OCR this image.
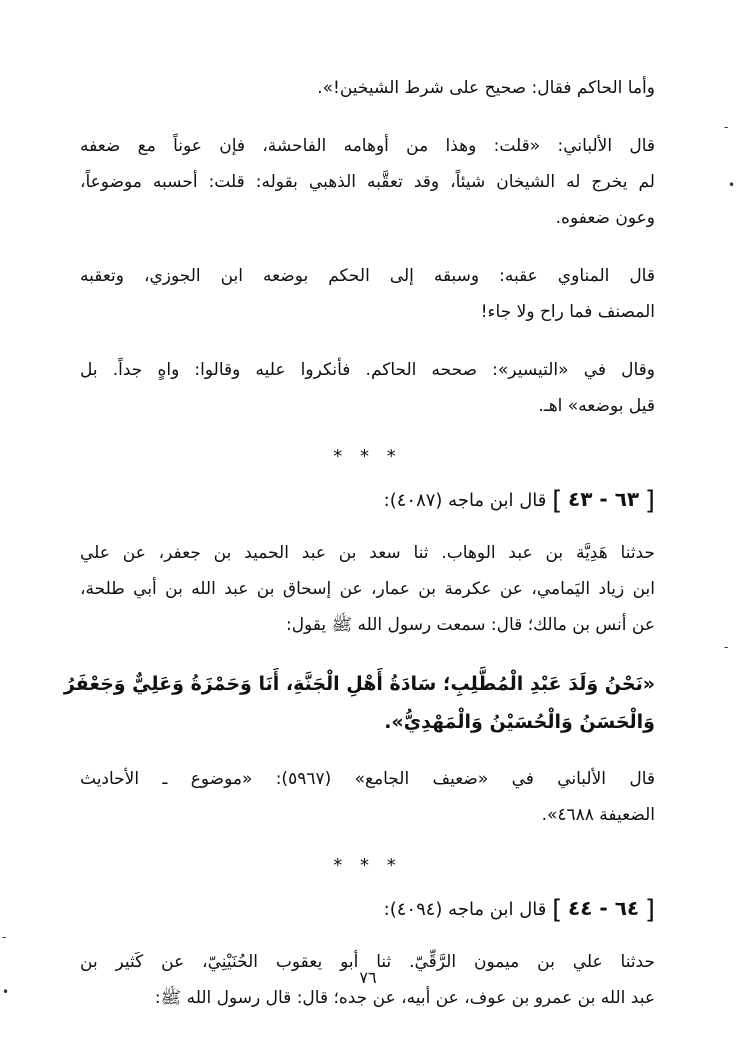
وأما الحاكم فقال: صحيح على شرط الشيخين!».
قال الألباني: «قلت: وهذا من أوهامه الفاحشة، فإن عوناً مع ضعفه
لم يخرج له الشيخان شيئاً، وقد تعقَّبه الذهبي بقوله: قلت: أحسبه موضوعاً،
وعون ضعفوه.
قال المناوي عقبه: وسبقه إلى الحكم بوضعه ابن الجوزي، وتعقبه
المصنف فما راح ولا جاء!
وقال في «التيسير»: صححه الحاكم. فأنكروا عليه وقالوا: واهٍ جداً. بل
قيل بوضعه» اهـ.
* * *
[ ٦٣ - ٤٣ ] قال ابن ماجه (٤٠٨٧):
حدثنا هَدِيَّة بن عبد الوهاب. ثنا سعد بن عبد الحميد بن جعفر، عن علي
ابن زياد اليَمامي، عن عكرمة بن عمار، عن إسحاق بن عبد الله بن أبي طلحة،
عن أنس بن مالك؛ قال: سمعت رسول الله ﷺ يقول:
«نَحْنُ وَلَدَ عَبْدِ الْمُطَّلِبِ؛ سَادَةُ أَهْلِ الْجَنَّةِ، أَنَا وَحَمْزَةُ وَعَلِيٌّ وَجَعْفَرُ
وَالْحَسَنُ وَالْحُسَيْنُ وَالْمَهْدِيُّ».
قال الألباني في «ضعيف الجامع» (٥٩٦٧): «موضوع ـ الأحاديث
الضعيفة ٤٦٨٨».
* * *
[ ٦٤ - ٤٤ ] قال ابن ماجه (٤٠٩٤):
حدثنا علي بن ميمون الرَّقِّيّ. ثنا أبو يعقوب الحُنَيْنِيّ، عن كَثير بن
عبد الله بن عمرو بن عوف، عن أبيه، عن جده؛ قال: قال رسول الله ﷺ:
٧٦
-
•
-
-
•
